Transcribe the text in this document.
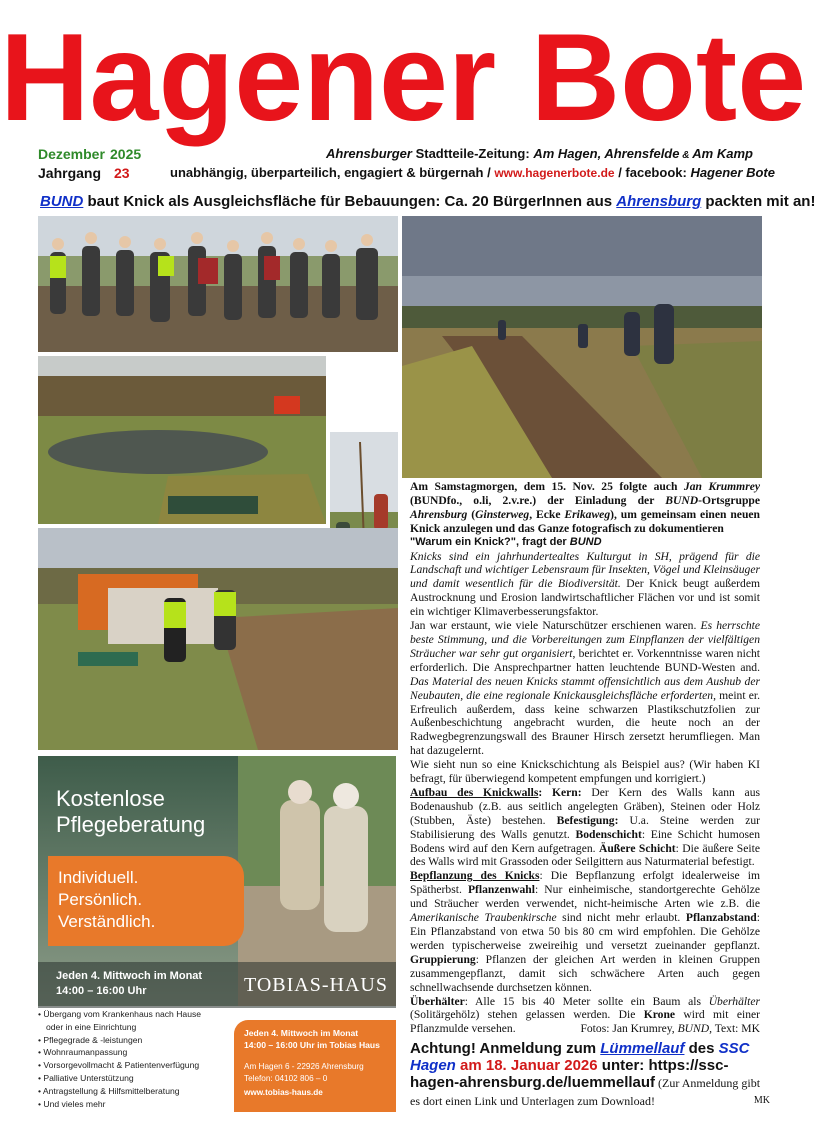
Hagener Bote
Dezember 2025
Jahrgang 23
Ahrensburger Stadtteile-Zeitung: Am Hagen, Ahrensfelde & Am Kamp
unabhängig, überparteilich, engagiert & bürgernah / www.hagenerbote.de / facebook: Hagener Bote
BUND baut Knick als Ausgleichsfläche für Bebauungen: Ca. 20 BürgerInnen aus Ahrensburg packten mit an!
Kostenlose
Pflegeberatung
Individuell.
Persönlich.
Verständlich.
Jeden 4. Mittwoch im Monat
14:00 – 16:00 Uhr	TOBIAS-HAUS
• Übergang vom Krankenhaus nach Hause
oder in eine Einrichtung
• Pflegegrade & -leistungen
• Wohnraumanpassung
• Vorsorgevollmacht & Patientenverfügung
• Palliative Unterstützung
• Antragstellung & Hilfsmittelberatung
• Und vieles mehr
Jeden 4. Mittwoch im Monat
14:00 – 16:00 Uhr im Tobias Haus
Am Hagen 6 - 22926 Ahrensburg
Telefon: 04102 806 – 0
www.tobias-haus.de

Am Samstagmorgen, dem 15. Nov. 25 folgte auch Jan Krummrey (BUNDfo., o.li, 2.v.re.) der Einladung der BUND-Ortsgruppe Ahrensburg (Ginsterweg, Ecke Erikaweg), um gemeinsam einen neuen Knick anzulegen und das Ganze fotografisch zu dokumentieren

"Warum ein Knick?", fragt der BUND

Knicks sind ein jahrhundertealtes Kulturgut in SH, prägend für die Landschaft und wichtiger Lebensraum für Insekten, Vögel und Kleinsäuger und damit wesentlich für die Biodiversität. Der Knick beugt außerdem Austrocknung und Erosion landwirtschaftlicher Flächen vor und ist somit ein wichtiger Klimaverbesserungsfaktor.

Jan war erstaunt, wie viele Naturschützer erschienen waren. Es herrschte beste Stimmung, und die Vorbereitungen zum Einpflanzen der vielfältigen Sträucher war sehr gut organisiert, berichtet er. Vorkenntnisse waren nicht erforderlich. Die Ansprechpartner hatten leuchtende BUND-Westen and. Das Material des neuen Knicks stammt offensichtlich aus dem Aushub der Neubauten, die eine regionale Knickausgleichsfläche erforderten, meint er. Erfreulich außerdem, dass keine schwarzen Plastikschutzfolien zur Außenbeschichtung angebracht wurden, die heute noch an der Radwegbegrenzungswall des Brauner Hirsch zersetzt herumfliegen. Man hat dazugelernt.

Wie sieht nun so eine Knickschichtung als Beispiel aus? (Wir haben KI befragt, für überwiegend kompetent empfungen und korrigiert.)

Aufbau des Knickwalls: Kern: Der Kern des Walls kann aus Bodenaushub (z.B. aus seitlich angelegten Gräben), Steinen oder Holz (Stubben, Äste) bestehen. Befestigung: U.a. Steine werden zur Stabilisierung des Walls genutzt. Bodenschicht: Eine Schicht humosen Bodens wird auf den Kern aufgetragen. Äußere Schicht: Die äußere Seite des Walls wird mit Grassoden oder Seilgittern aus Naturmaterial befestigt.

Bepflanzung des Knicks: Die Bepflanzung erfolgt idealerweise im Spätherbst. Pflanzenwahl: Nur einheimische, standortgerechte Gehölze und Sträucher werden verwendet, nicht-heimische Arten wie z.B. die Amerikanische Traubenkirsche sind nicht mehr erlaubt. Pflanzabstand: Ein Pflanzabstand von etwa 50 bis 80 cm wird empfohlen. Die Gehölze werden typischerweise zweireihig und versetzt zueinander gepflanzt. Gruppierung: Pflanzen der gleichen Art werden in kleinen Gruppen zusammengepflanzt, damit sich schwächere Arten auch gegen schnellwachsende durchsetzen können.

Überhälter: Alle 15 bis 40 Meter sollte ein Baum als Überhälter (Solitärgehölz) stehen gelassen werden. Die Krone wird mit einer Pflanzmulde versehen.	Fotos: Jan Krumrey, BUND, Text: MK

Achtung! Anmeldung zum Lümmellauf des SSC Hagen am 18. Januar 2026 unter: https://ssc-hagen-ahrensburg.de/luemmellauf (Zur Anmeldung gibt es dort einen Link und Unterlagen zum Download!	MK
